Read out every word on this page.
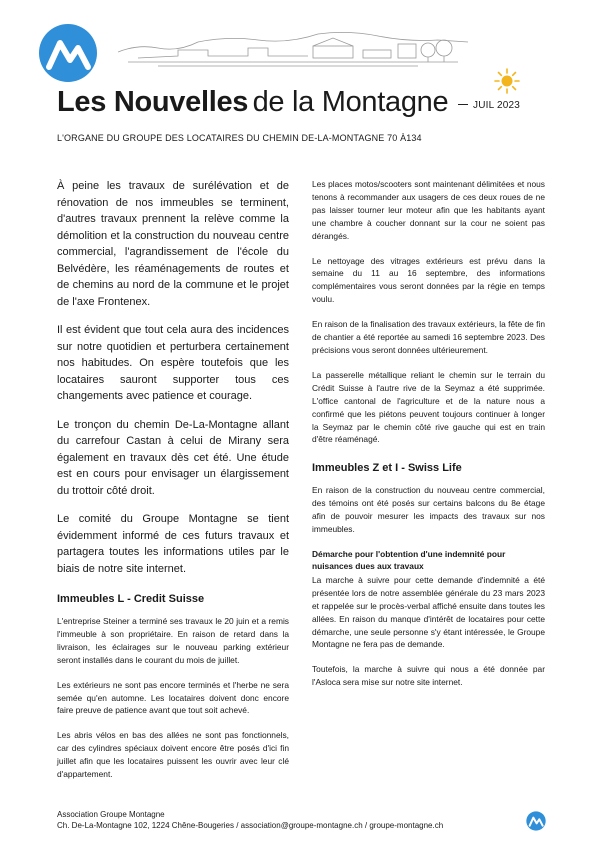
Les Nouvelles de la Montagne	JUIL 2023
L'ORGANE DU GROUPE DES LOCATAIRES DU CHEMIN DE-LA-MONTAGNE 70 À134

À peine les travaux de surélévation et de rénovation de nos immeubles se terminent, d'autres travaux prennent la relève comme la démolition et la construction du nouveau centre commercial, l'agrandissement de l'école du Belvédère, les réaménagements de routes et de chemins au nord de la commune et le projet de l'axe Frontenex.

Il est évident que tout cela aura des incidences sur notre quotidien et perturbera certainement nos habitudes. On espère toutefois que les locataires sauront supporter tous ces changements avec patience et courage.

Le tronçon du chemin De-La-Montagne allant du carrefour Castan à celui de Mirany sera également en travaux dès cet été. Une étude est en cours pour envisager un élargissement du trottoir côté droit.

Le comité du Groupe Montagne se tient évidemment informé de ces futurs travaux et partagera toutes les informations utiles par le biais de notre site internet.

Immeubles L - Credit Suisse

L'entreprise Steiner a terminé ses travaux le 20 juin et a remis l'immeuble à son propriétaire. En raison de retard dans la livraison, les éclairages sur le nouveau parking extérieur seront installés dans le courant du mois de juillet.

Les extérieurs ne sont pas encore terminés et l'herbe ne sera semée qu'en automne. Les locataires doivent donc encore faire preuve de patience avant que tout soit achevé.

Les abris vélos en bas des allées ne sont pas fonctionnels, car des cylindres spéciaux doivent encore être posés d'ici fin juillet afin que les locataires puissent les ouvrir avec leur clé d'appartement.

Les places motos/scooters sont maintenant délimitées et nous tenons à recommander aux usagers de ces deux roues de ne pas laisser tourner leur moteur afin que les habitants ayant une chambre à coucher donnant sur la cour ne soient pas dérangés.

Le nettoyage des vitrages extérieurs est prévu dans la semaine du 11 au 16 septembre, des informations complémentaires vous seront données par la régie en temps voulu.

En raison de la finalisation des travaux extérieurs, la fête de fin de chantier a été reportée au samedi 16 septembre 2023. Des précisions vous seront données ultérieurement.

La passerelle métallique reliant le chemin sur le terrain du Crédit Suisse à l'autre rive de la Seymaz a été supprimée. L'office cantonal de l'agriculture et de la nature nous a confirmé que les piétons peuvent toujours continuer à longer la Seymaz par le chemin côté rive gauche qui est en train d'être réaménagé.

Immeubles Z et I - Swiss Life

En raison de la construction du nouveau centre commercial, des témoins ont été posés sur certains balcons du 8e étage afin de pouvoir mesurer les impacts des travaux sur nos immeubles.

Démarche pour l'obtention d'une indemnité pour nuisances dues aux travaux

La marche à suivre pour cette demande d'indemnité a été présentée lors de notre assemblée générale du 23 mars 2023 et rappelée sur le procès-verbal affiché ensuite dans toutes les allées. En raison du manque d'intérêt de locataires pour cette démarche, une seule personne s'y étant intéressée, le Groupe Montagne ne fera pas de demande.

Toutefois, la marche à suivre qui nous a été donnée par l'Asloca sera mise sur notre site internet.

Association Groupe Montagne
Ch. De-La-Montagne 102, 1224 Chêne-Bougeries / association@groupe-montagne.ch / groupe-montagne.ch
